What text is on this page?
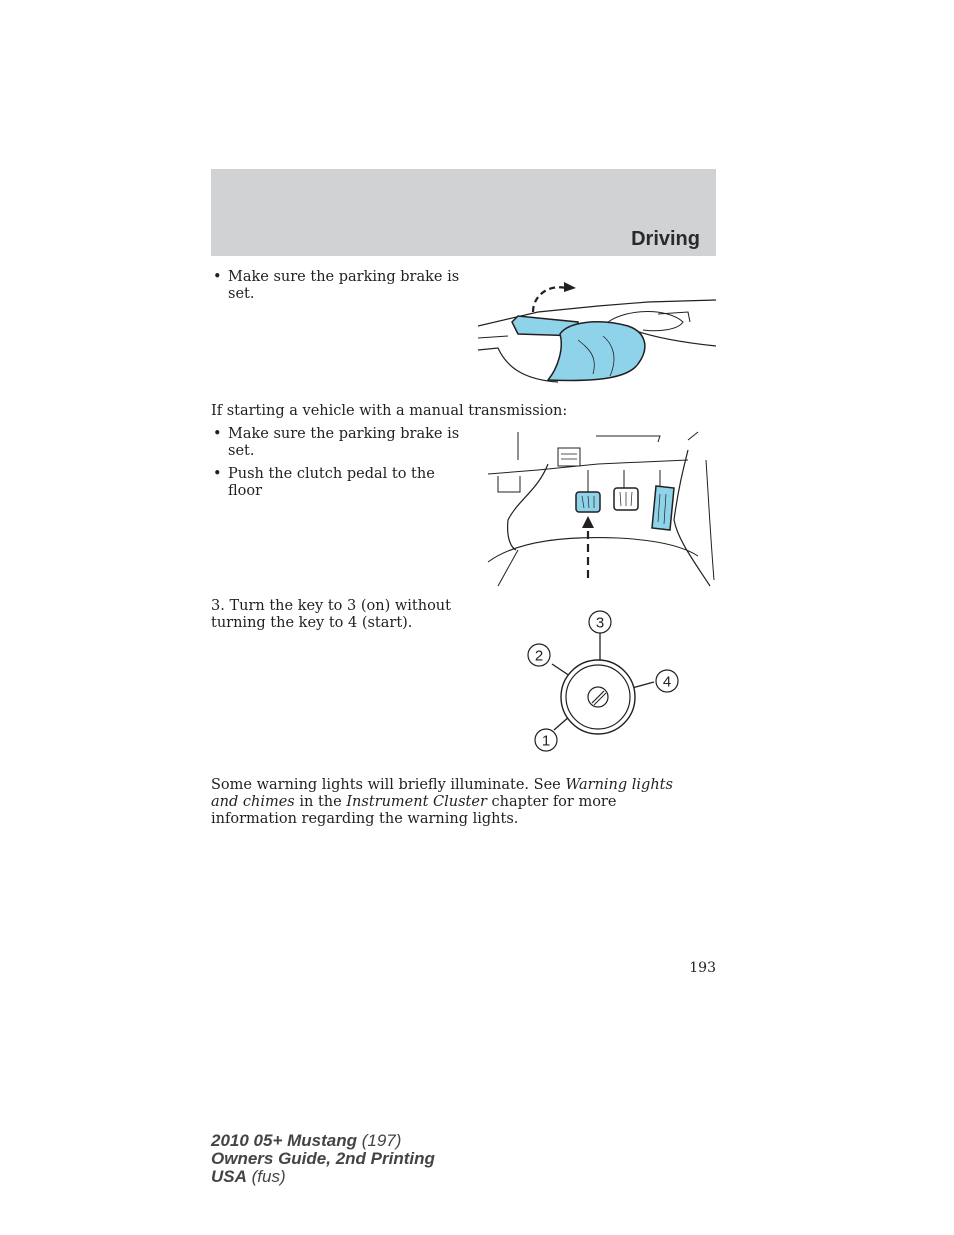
Driving
• Make sure the parking brake is set.
If starting a vehicle with a manual transmission:
• Make sure the parking brake is set.
• Push the clutch pedal to the floor
3. Turn the key to 3 (on) without turning the key to 4 (start).	3
2
4
1
Some warning lights will briefly illuminate. See Warning lights and chimes in the Instrument Cluster chapter for more information regarding the warning lights.
193
2010 05+ Mustang (197)
Owners Guide, 2nd Printing
USA (fus)
